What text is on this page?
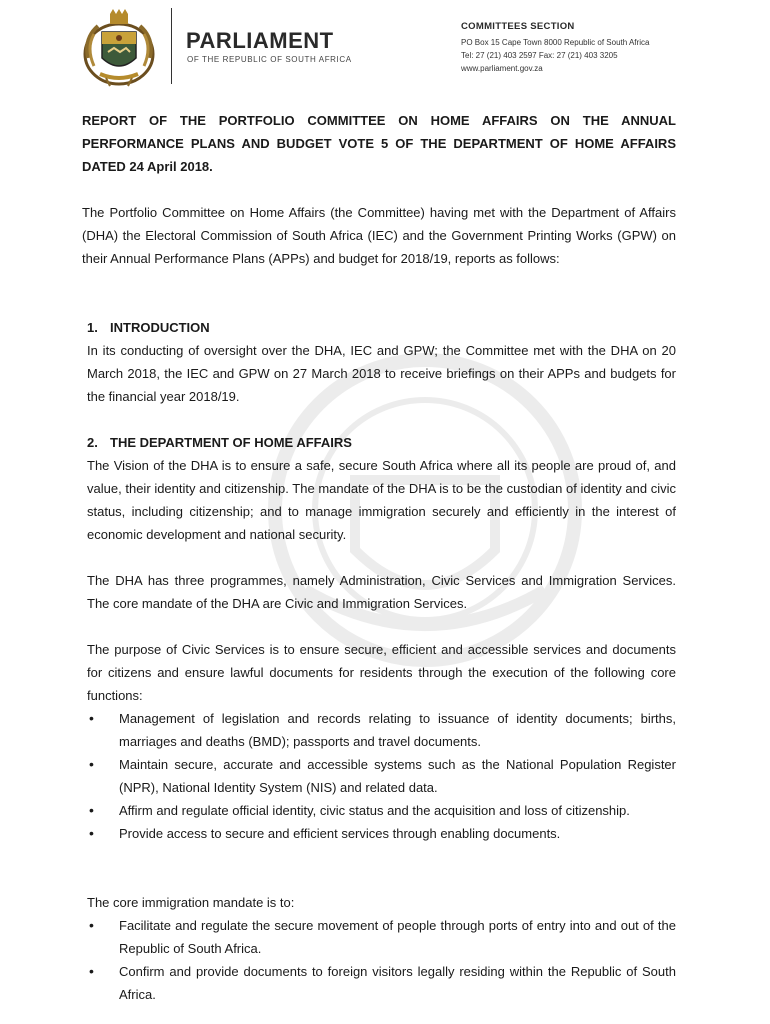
PARLIAMENT
OF THE REPUBLIC OF SOUTH AFRICA
COMMITTEES SECTION
PO Box 15 Cape Town 8000 Republic of South Africa
Tel: 27 (21) 403 2597 Fax: 27 (21) 403 3205
www.parliament.gov.za
REPORT OF THE PORTFOLIO COMMITTEE ON HOME AFFAIRS ON THE ANNUAL PERFORMANCE PLANS AND BUDGET VOTE 5 OF THE DEPARTMENT OF HOME AFFAIRS DATED 24 April 2018.
The Portfolio Committee on Home Affairs (the Committee) having met with the Department of Affairs (DHA) the Electoral Commission of South Africa (IEC) and the Government Printing Works (GPW) on their Annual Performance Plans (APPs) and budget for 2018/19, reports as follows:
1. INTRODUCTION
In its conducting of oversight over the DHA, IEC and GPW; the Committee met with the DHA on 20 March 2018, the IEC and GPW on 27 March 2018 to receive briefings on their APPs and budgets for the financial year 2018/19.
2. THE DEPARTMENT OF HOME AFFAIRS
The Vision of the DHA is to ensure a safe, secure South Africa where all its people are proud of, and value, their identity and citizenship. The mandate of the DHA is to be the custodian of identity and civic status, including citizenship; and to manage immigration securely and efficiently in the interest of economic development and national security.
The DHA has three programmes, namely Administration, Civic Services and Immigration Services. The core mandate of the DHA are Civic and Immigration Services.
The purpose of Civic Services is to ensure secure, efficient and accessible services and documents for citizens and ensure lawful documents for residents through the execution of the following core functions:
• Management of legislation and records relating to issuance of identity documents; births, marriages and deaths (BMD); passports and travel documents.
• Maintain secure, accurate and accessible systems such as the National Population Register (NPR), National Identity System (NIS) and related data.
• Affirm and regulate official identity, civic status and the acquisition and loss of citizenship.
• Provide access to secure and efficient services through enabling documents.
The core immigration mandate is to:
• Facilitate and regulate the secure movement of people through ports of entry into and out of the Republic of South Africa.
• Confirm and provide documents to foreign visitors legally residing within the Republic of South Africa.
